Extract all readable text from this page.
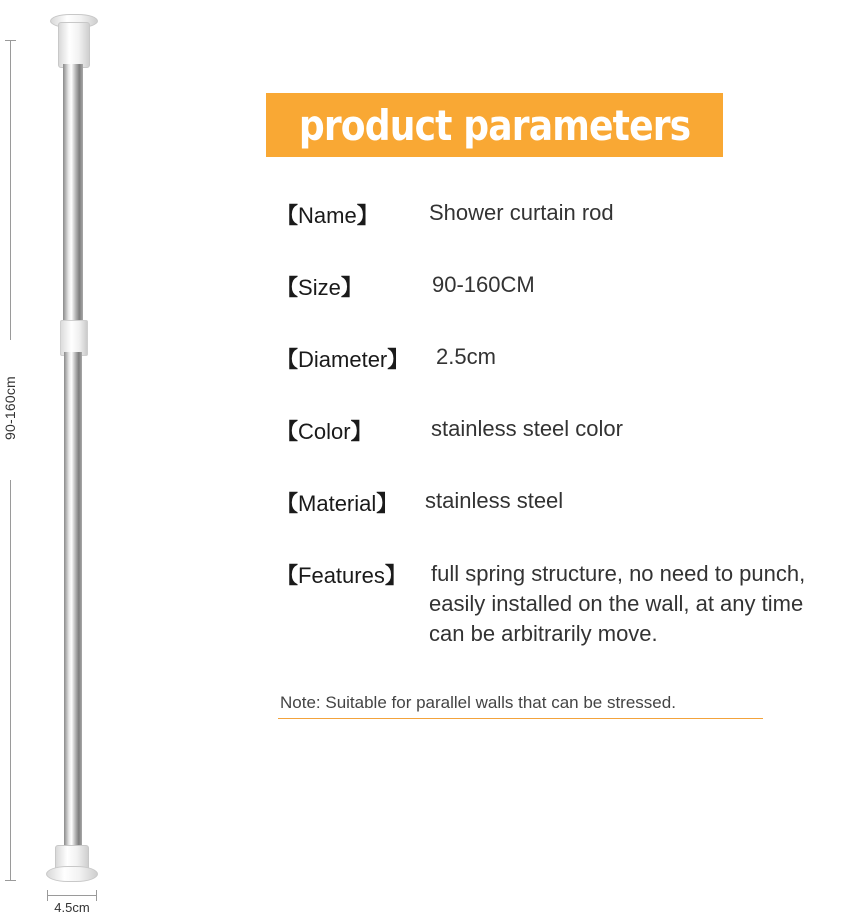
90-160cm
4.5cm
product parameters
【Name】 Shower curtain rod
【Size】	90-160CM
【Diameter】 2.5cm
【Color】	stainless steel color
【Material】 stainless steel
【Features】 full spring structure, no need to punch,
easily installed on the wall, at any time
can be arbitrarily move.
Note: Suitable for parallel walls that can be stressed.
